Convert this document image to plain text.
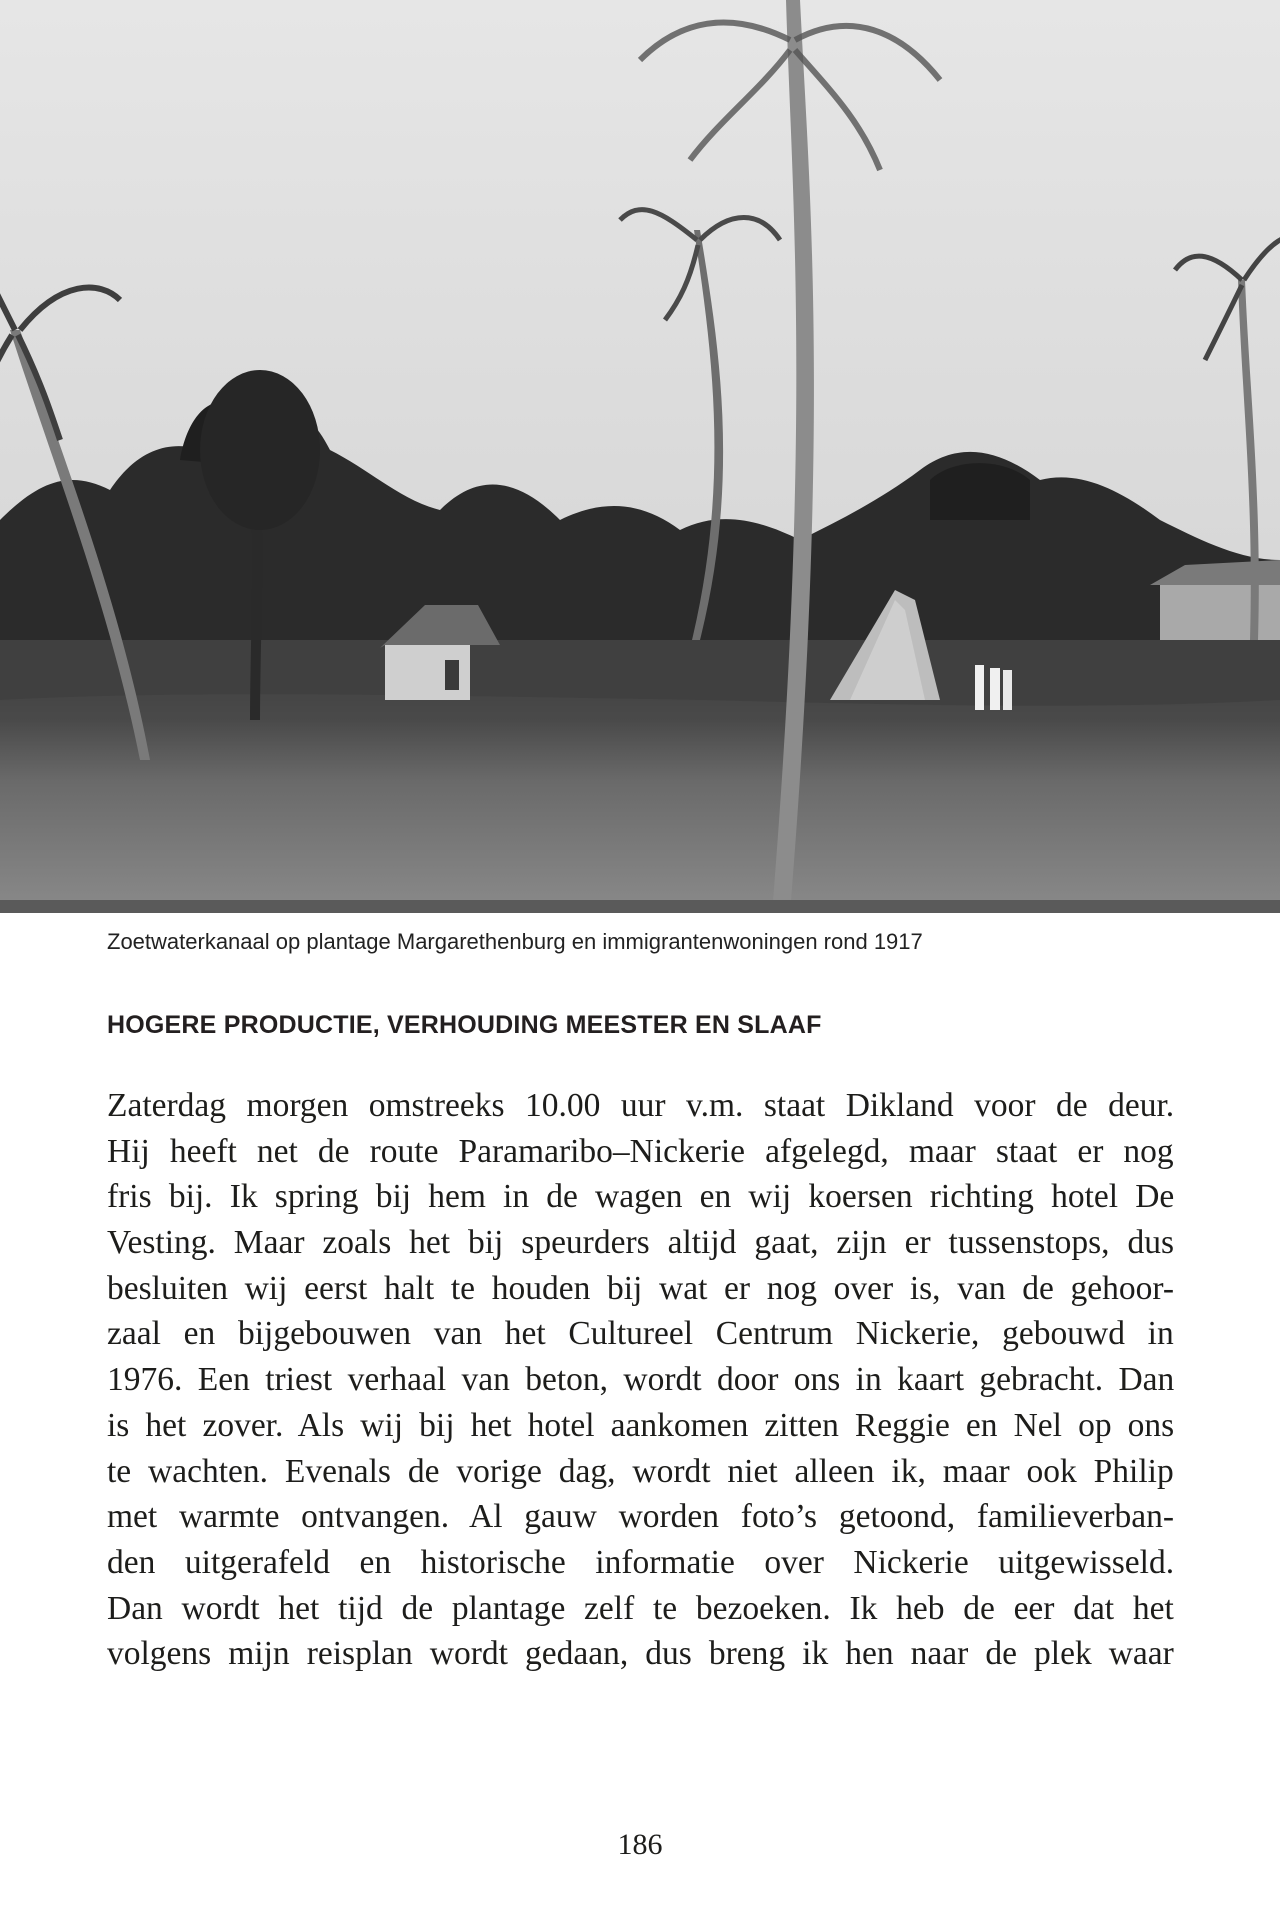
Zoetwaterkanaal op plantage Margarethenburg en immigrantenwoningen rond 1917
HOGERE PRODUCTIE, VERHOUDING MEESTER EN SLAAF
Zaterdag morgen omstreeks 10.00 uur v.m. staat Dikland voor de deur.
Hij heeft net de route Paramaribo–Nickerie afgelegd, maar staat er nog
fris bij. Ik spring bij hem in de wagen en wij koersen richting hotel De
Vesting. Maar zoals het bij speurders altijd gaat, zijn er tussenstops, dus
besluiten wij eerst halt te houden bij wat er nog over is, van de gehoor-
zaal en bijgebouwen van het Cultureel Centrum Nickerie, gebouwd in
1976. Een triest verhaal van beton, wordt door ons in kaart gebracht. Dan
is het zover. Als wij bij het hotel aankomen zitten Reggie en Nel op ons
te wachten. Evenals de vorige dag, wordt niet alleen ik, maar ook Philip
met warmte ontvangen. Al gauw worden foto’s getoond, familieverban-
den uitgerafeld en historische informatie over Nickerie uitgewisseld.
Dan wordt het tijd de plantage zelf te bezoeken. Ik heb de eer dat het
volgens mijn reisplan wordt gedaan, dus breng ik hen naar de plek waar
186
